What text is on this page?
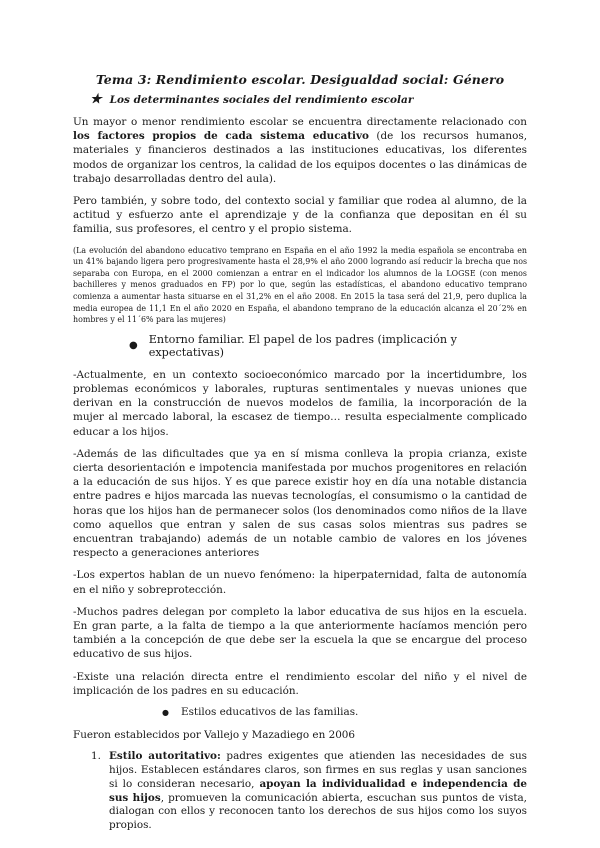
Tema 3: Rendimiento escolar. Desigualdad social: Género
★ Los determinantes sociales del rendimiento escolar

Un mayor o menor rendimiento escolar se encuentra directamente relacionado con los factores propios de cada sistema educativo (de los recursos humanos, materiales y financieros destinados a las instituciones educativas, los diferentes modos de organizar los centros, la calidad de los equipos docentes o las dinámicas de trabajo desarrolladas dentro del aula).

Pero también, y sobre todo, del contexto social y familiar que rodea al alumno, de la actitud y esfuerzo ante el aprendizaje y de la confianza que depositan en él su familia, sus profesores, el centro y el propio sistema.

(La evolución del abandono educativo temprano en España en el año 1992 la media española se encontraba en un 41% bajando ligera pero progresivamente hasta el 28,9% el año 2000 logrando así reducir la brecha que nos separaba con Europa, en el 2000 comienzan a entrar en el indicador los alumnos de la LOGSE (con menos bachilleres y menos graduados en FP) por lo que, según las estadísticas, el abandono educativo temprano comienza a aumentar hasta situarse en el 31,2% en el año 2008. En 2015 la tasa será del 21,9, pero duplica la media europea de 11,1 En el año 2020 en España, el abandono temprano de la educación alcanza el 20´2% en hombres y el 11´6% para las mujeres)

● Entorno familiar. El papel de los padres (implicación y expectativas)

-Actualmente, en un contexto socioeconómico marcado por la incertidumbre, los problemas económicos y laborales, rupturas sentimentales y nuevas uniones que derivan en la construcción de nuevos modelos de familia, la incorporación de la mujer al mercado laboral, la escasez de tiempo… resulta especialmente complicado educar a los hijos.

-Además de las dificultades que ya en sí misma conlleva la propia crianza, existe cierta desorientación e impotencia manifestada por muchos progenitores en relación a la educación de sus hijos. Y es que parece existir hoy en día una notable distancia entre padres e hijos marcada las nuevas tecnologías, el consumismo o la cantidad de horas que los hijos han de permanecer solos (los denominados como niños de la llave como aquellos que entran y salen de sus casas solos mientras sus padres se encuentran trabajando) además de un notable cambio de valores en los jóvenes respecto a generaciones anteriores

-Los expertos hablan de un nuevo fenómeno: la hiperpaternidad, falta de autonomía en el niño y sobreprotección.

-Muchos padres delegan por completo la labor educativa de sus hijos en la escuela. En gran parte, a la falta de tiempo a la que anteriormente hacíamos mención pero también a la concepción de que debe ser la escuela la que se encargue del proceso educativo de sus hijos.

-Existe una relación directa entre el rendimiento escolar del niño y el nivel de implicación de los padres en su educación.

● Estilos educativos de las familias.

Fueron establecidos por Vallejo y Mazadiego en 2006

1. Estilo autoritativo: padres exigentes que atienden las necesidades de sus hijos. Establecen estándares claros, son firmes en sus reglas y usan sanciones si lo consideran necesario, apoyan la individualidad e independencia de sus hijos, promueven la comunicación abierta, escuchan sus puntos de vista, dialogan con ellos y reconocen tanto los derechos de sus hijos como los suyos propios.
